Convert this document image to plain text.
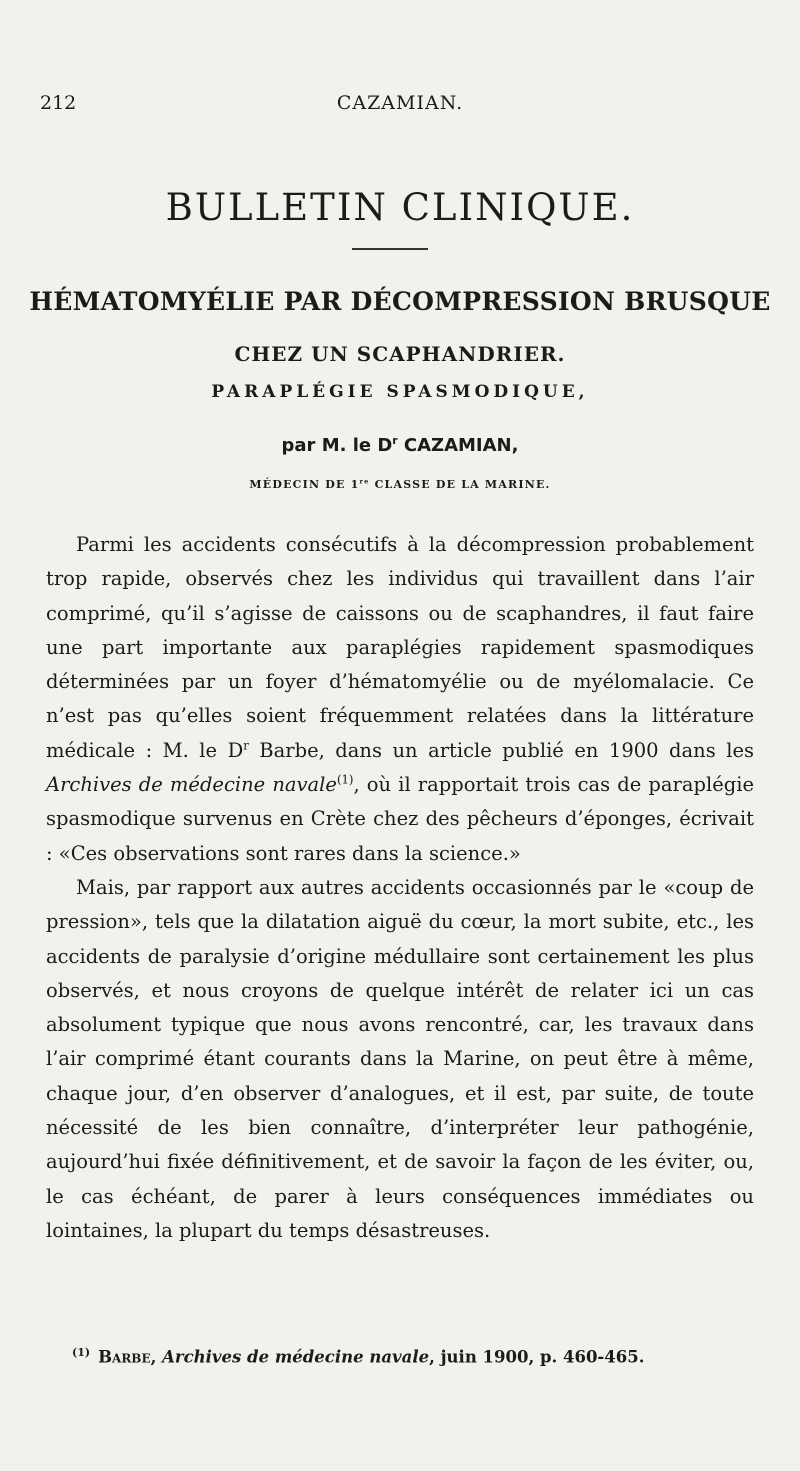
212	CAZAMIAN.
BULLETIN CLINIQUE.
HÉMATOMYÉLIE PAR DÉCOMPRESSION BRUSQUE
CHEZ UN SCAPHANDRIER.
PARAPLÉGIE SPASMODIQUE,
par M. le $D^r$ CAZAMIAN,
MÉDECIN DE 1re CLASSE DE LA MARINE.

Parmi les accidents consécutifs à la décompression probablement trop rapide, observés chez les individus qui travaillent dans l’air comprimé, qu’il s’agisse de caissons ou de scaphandres, il faut faire une part importante aux paraplégies rapidement spasmodiques déterminées par un foyer d’hématomyélie ou de myélomalacie. Ce n’est pas qu’elles soient fréquemment relatées dans la littérature médicale : M. le $D^r$ Barbe, dans un article publié en 1900 dans les Archives de médecine navale$^{(1)}$, où il rapportait trois cas de paraplégie spasmodique survenus en Crète chez des pêcheurs d’éponges, écrivait : «Ces observations sont rares dans la science.»

Mais, par rapport aux autres accidents occasionnés par le «coup de pression», tels que la dilatation aiguë du cœur, la mort subite, etc., les accidents de paralysie d’origine médullaire sont certainement les plus observés, et nous croyons de quelque intérêt de relater ici un cas absolument typique que nous avons rencontré, car, les travaux dans l’air comprimé étant courants dans la Marine, on peut être à même, chaque jour, d’en observer d’analogues, et il est, par suite, de toute nécessité de les bien connaître, d’interpréter leur pathogénie, aujourd’hui fixée définitivement, et de savoir la façon de les éviter, ou, le cas échéant, de parer à leurs conséquences immédiates ou lointaines, la plupart du temps désastreuses.

$^{(1)}$ Barbe, Archives de médecine navale, juin 1900, p. 460-465.
